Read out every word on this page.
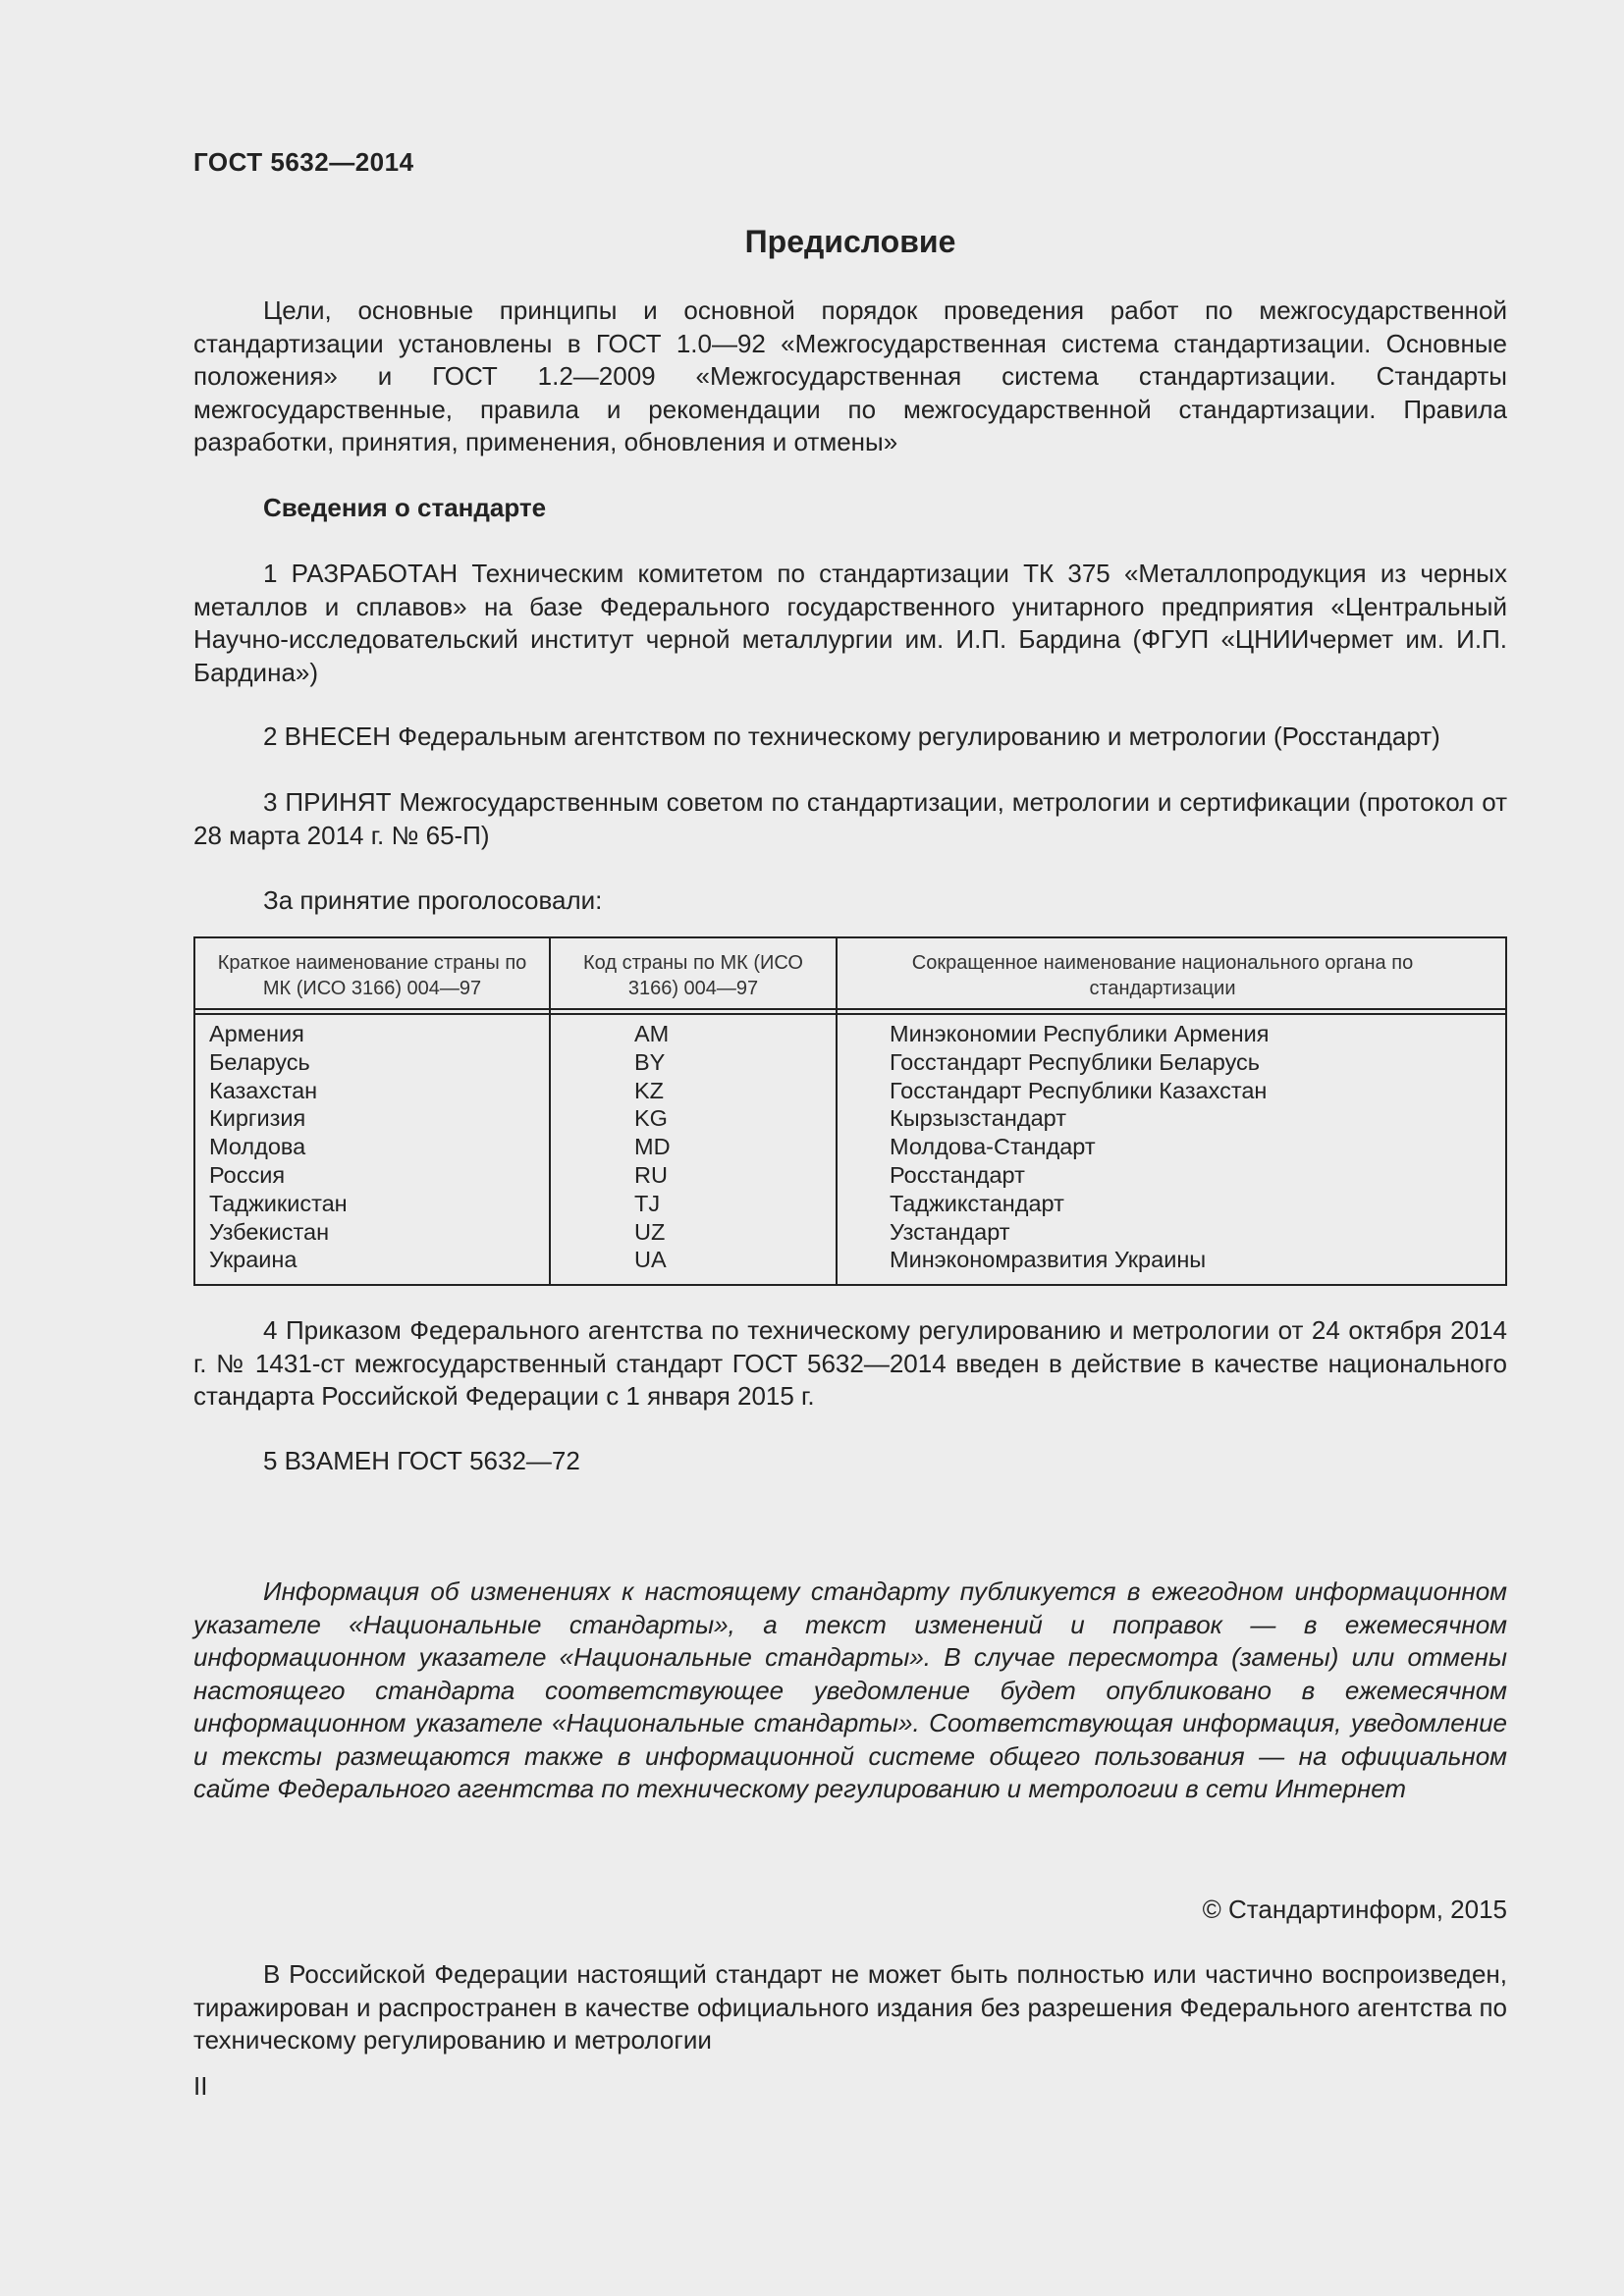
ГОСТ 5632—2014
Предисловие
Цели, основные принципы и основной порядок проведения работ по межгосударственной стандартизации установлены в ГОСТ 1.0—92 «Межгосударственная система стандартизации. Основные положения» и ГОСТ 1.2—2009 «Межгосударственная система стандартизации. Стандарты межгосударственные, правила и рекомендации по межгосударственной стандартизации. Правила разработки, принятия, применения, обновления и отмены»
Сведения о стандарте
1 РАЗРАБОТАН Техническим комитетом по стандартизации ТК 375 «Металлопродукция из черных металлов и сплавов» на базе Федерального государственного унитарного предприятия «Центральный Научно-исследовательский институт черной металлургии им. И.П. Бардина (ФГУП «ЦНИИчермет им. И.П. Бардина»)
2 ВНЕСЕН Федеральным агентством по техническому регулированию и метрологии (Росстандарт)
3 ПРИНЯТ Межгосударственным советом по стандартизации, метрологии и сертификации (протокол от 28 марта 2014 г. № 65-П)
За принятие проголосовали:
Краткое наименование страны по МК (ИСО 3166) 004—97
Код страны по МК (ИСО 3166) 004—97
Сокращенное наименование национального органа по стандартизации
Армения
Беларусь
Казахстан
Киргизия
Молдова
Россия
Таджикистан
Узбекистан
Украина
AM
BY
KZ
KG
MD
RU
TJ
UZ
UA
Минэкономии Республики Армения
Госстандарт Республики Беларусь
Госстандарт Республики Казахстан
Кырзызстандарт
Молдова-Стандарт
Росстандарт
Таджикстандарт
Узстандарт
Минэкономразвития Украины
4 Приказом Федерального агентства по техническому регулированию и метрологии от 24 октября 2014 г. № 1431-ст межгосударственный стандарт ГОСТ 5632—2014 введен в действие в качестве национального стандарта Российской Федерации с 1 января 2015 г.
5 ВЗАМЕН ГОСТ 5632—72
Информация об изменениях к настоящему стандарту публикуется в ежегодном информационном указателе «Национальные стандарты», а текст изменений и поправок — в ежемесячном информационном указателе «Национальные стандарты». В случае пересмотра (замены) или отмены настоящего стандарта соответствующее уведомление будет опубликовано в ежемесячном информационном указателе «Национальные стандарты». Соответствующая информация, уведомление и тексты размещаются также в информационной системе общего пользования — на официальном сайте Федерального агентства по техническому регулированию и метрологии в сети Интернет
© Стандартинформ, 2015
В Российской Федерации настоящий стандарт не может быть полностью или частично воспроизведен, тиражирован и распространен в качестве официального издания без разрешения Федерального агентства по техническому регулированию и метрологии
II
